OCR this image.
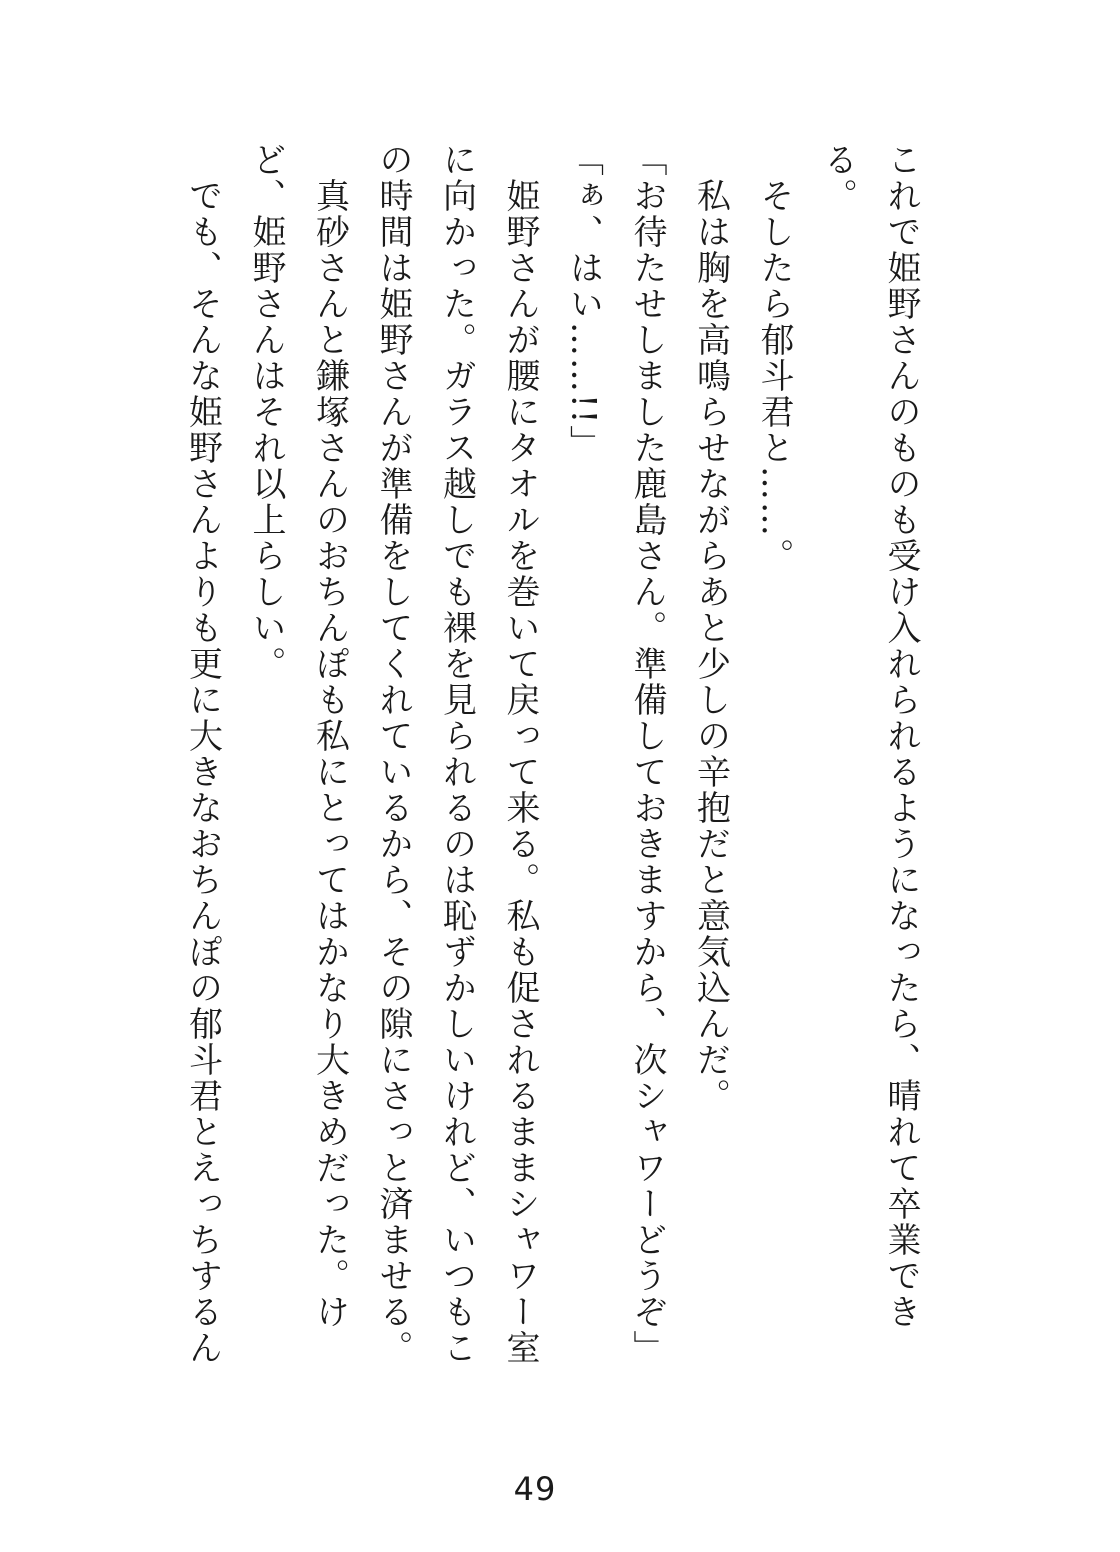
これで姫野さんのものも受け入れられるようになったら、晴れて卒業できる。

　そしたら郁斗君と……。

　私は胸を高鳴らせながらあと少しの辛抱だと意気込んだ。

「お待たせしました鹿島さん。準備しておきますから、次シャワーどうぞ」

「ぁ、はい……!!」

　姫野さんが腰にタオルを巻いて戻って来る。私も促されるままシャワー室に向かった。ガラス越しでも裸を見られるのは恥ずかしいけれど、いつもこの時間は姫野さんが準備をしてくれているから、その隙にさっと済ませる。

　真砂さんと鎌塚さんのおちんぽも私にとってはかなり大きめだった。けど、姫野さんはそれ以上らしい。

　でも、そんな姫野さんよりも更に大きなおちんぽの郁斗君とえっちするん

49
